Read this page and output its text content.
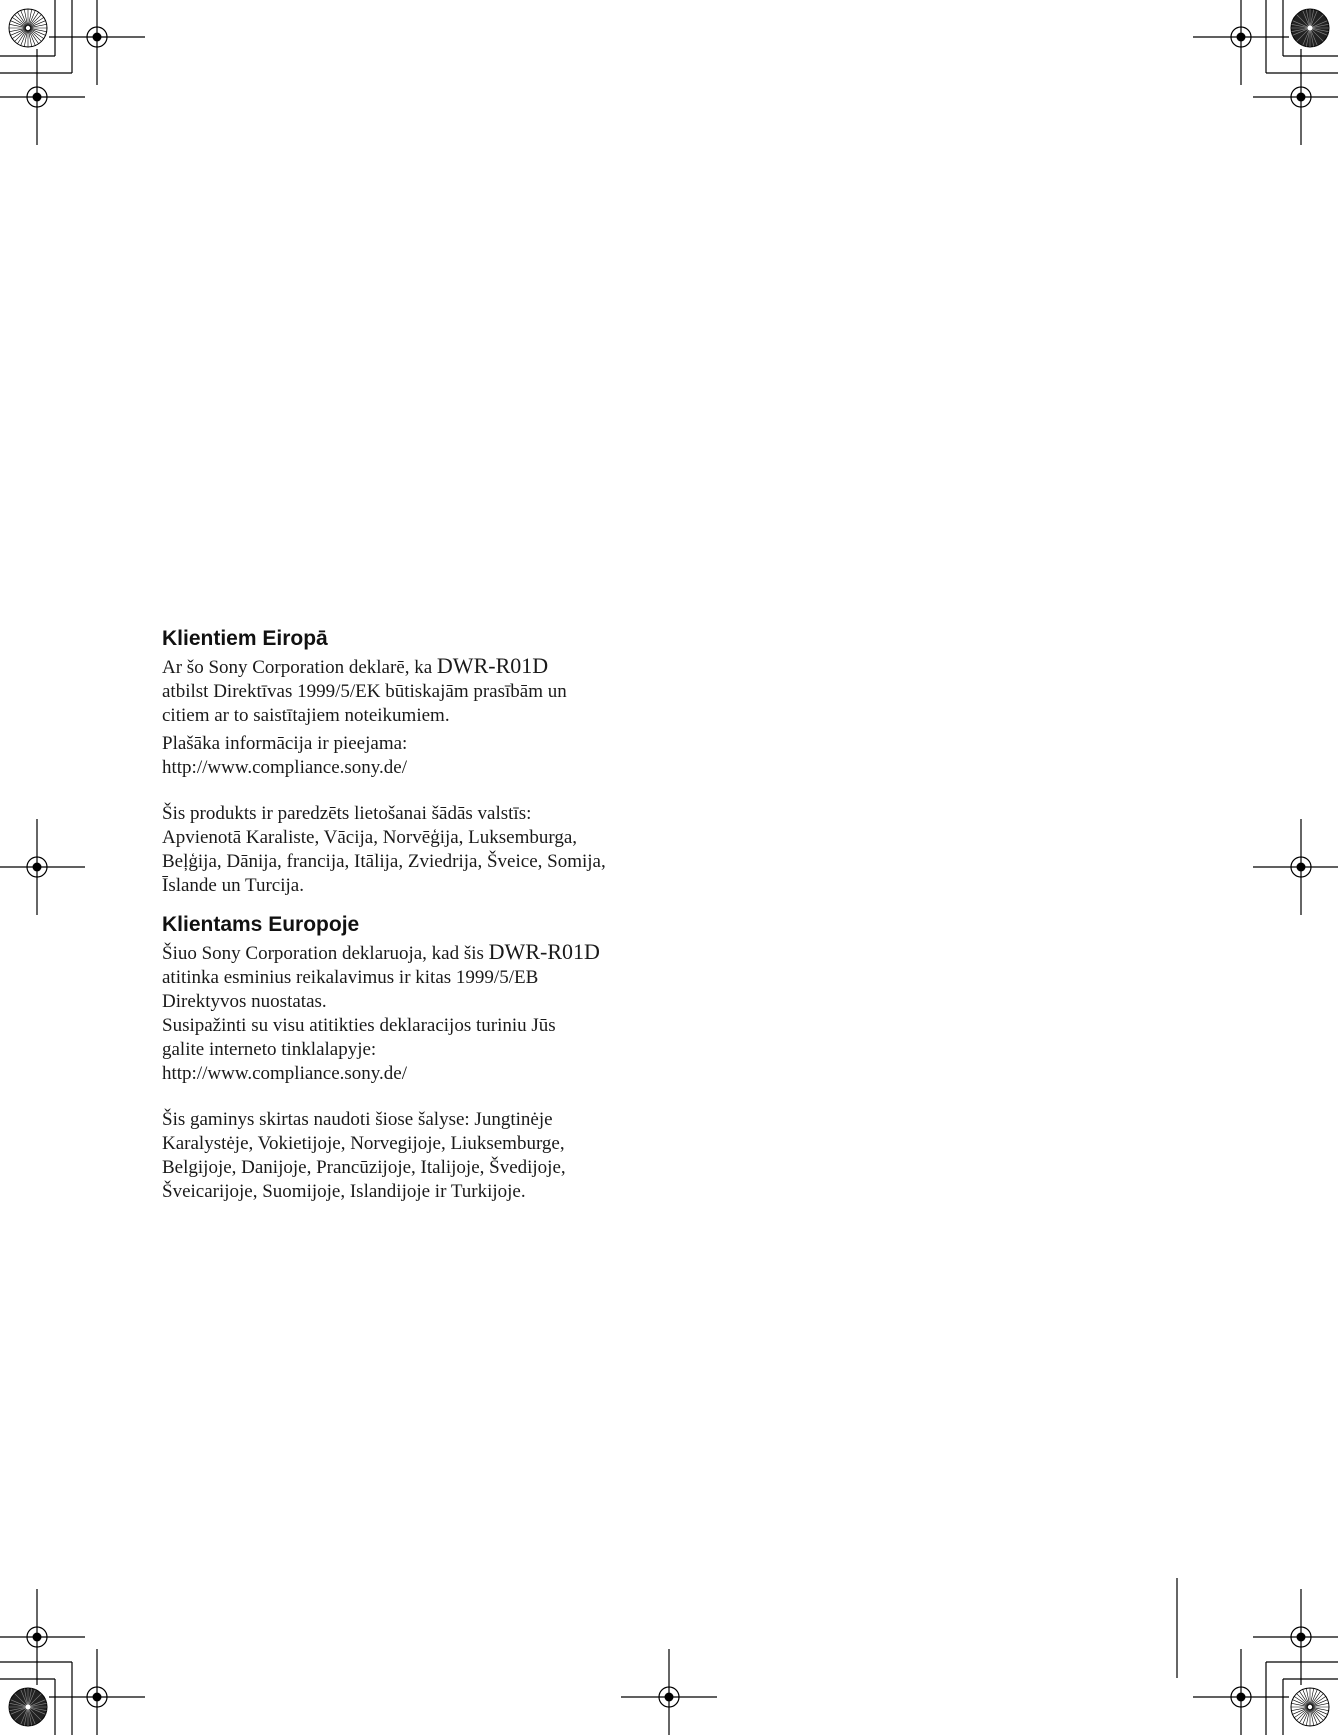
Klientiem Eiropā

Ar šo Sony Corporation deklarē, ka DWR-R01D
atbilst Direktīvas 1999/5/EK būtiskajām prasībām un
citiem ar to saistītajiem noteikumiem.

Plašāka informācija ir pieejama:
http://www.compliance.sony.de/

Šis produkts ir paredzēts lietošanai šādās valstīs:
Apvienotā Karaliste, Vācija, Norvēģija, Luksemburga,
Beļģija, Dānija, francija, Itālija, Zviedrija, Šveice, Somija,
Īslande un Turcija.

Klientams Europoje

Šiuo Sony Corporation deklaruoja, kad šis DWR-R01D
atitinka esminius reikalavimus ir kitas 1999/5/EB
Direktyvos nuostatas.

Susipažinti su visu atitikties deklaracijos turiniu Jūs
galite interneto tinklalapyje:
http://www.compliance.sony.de/

Šis gaminys skirtas naudoti šiose šalyse: Jungtinėje
Karalystėje, Vokietijoje, Norvegijoje, Liuksemburge,
Belgijoje, Danijoje, Prancūzijoje, Italijoje, Švedijoje,
Šveicarijoje, Suomijoje, Islandijoje ir Turkijoje.
